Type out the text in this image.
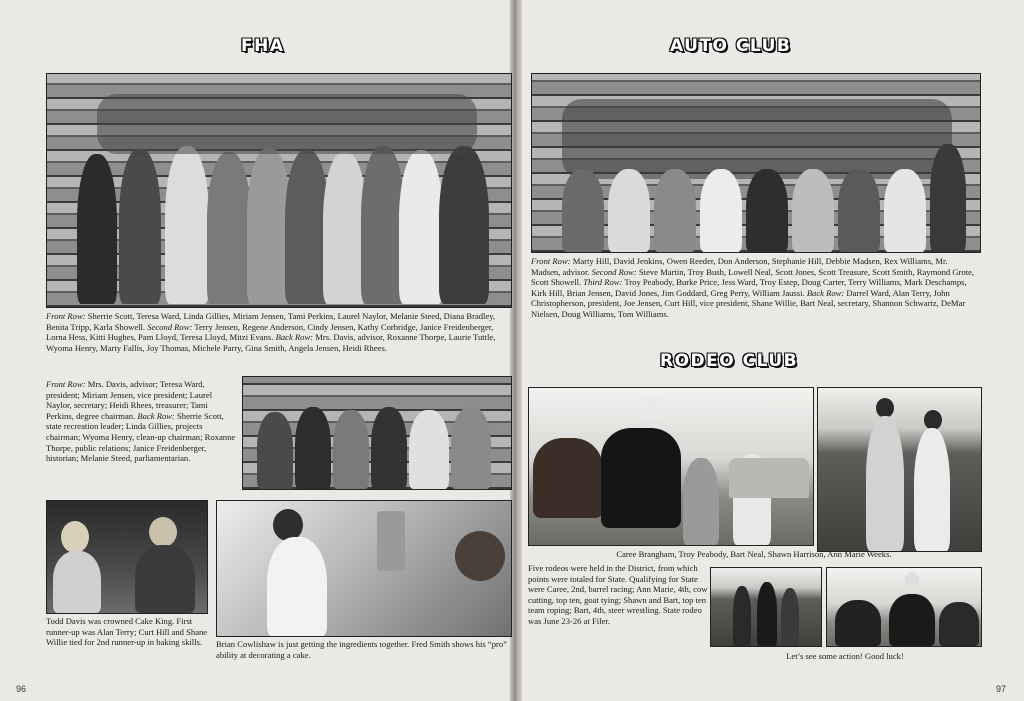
FHA

Front Row: Sherrie Scott, Teresa Ward, Linda Gillies, Miriam Jensen, Tami Perkins, Laurel Naylor, Melanie Steed, Diana Bradley, Benita Tripp, Karla Showell. Second Row: Terry Jensen, Regene Anderson, Cindy Jensen, Kathy Corbridge, Janice Freidenberger, Lorna Hess, Kitti Hughes, Pam Lloyd, Teresa Lloyd, Mitzi Evans. Back Row: Mrs. Davis, advisor, Roxanne Thorpe, Laurie Tuttle, Wyoma Henry, Marty Fallis, Joy Thomas, Michele Parry, Gina Smith, Angela Jensen, Heidi Rhees.

Front Row: Mrs. Davis, advisor; Teresa Ward, president; Miriam Jensen, vice president; Laurel Naylor, secretary; Heidi Rhees, treasurer; Tami Perkins, degree chairman. Back Row: Sherrie Scott, state recreation leader; Linda Gillies, projects chairman; Wyoma Henry, clean-up chairman; Roxanne Thorpe, public relations; Janice Freidenberger, historian; Melanie Steed, parliamentarian.

Todd Davis was crowned Cake King. First runner-up was Alan Terry; Curt Hill and Shane Willie tied for 2nd runner-up in baking skills.	Brian Cowlishaw is just getting the ingredients together. Fred Smith shows his “pro” ability at decorating a cake.

96
AUTO CLUB

Front Row: Marty Hill, David Jenkins, Owen Reeder, Don Anderson, Stephanie Hill, Debbie Madsen, Rex Williams, Mr. Madsen, advisor. Second Row: Steve Martin, Troy Bush, Lowell Neal, Scott Jones, Scott Treasure, Scott Smith, Raymond Grote, Scott Showell. Third Row: Troy Peabody, Burke Price, Jess Ward, Troy Estep, Doug Carter, Terry Williams, Mark Deschamps, Kirk Hill, Brian Jensen, David Jones, Jim Goddard, Greg Perry, William Jaussi. Back Row: Darrel Ward, Alan Terry, John Christopherson, president, Joe Jensen, Curt Hill, vice president, Shane Willie, Bart Neal, secretary, Shannon Schwartz, DeMar Nielsen, Doug Williams, Tom Williams.

RODEO CLUB

Caree Brangham, Troy Peabody, Bart Neal, Shawn Harrison, Ann Marie Weeks.

Five rodeos were held in the District, from which points were totaled for State. Qualifying for State were Caree, 2nd, barrel racing; Ann Marie, 4th, cow cutting, top ten, goat tying; Shawn and Bart, top ten team roping; Bart, 4th, steer wrestling. State rodeo was June 23-26 at Filer.

Let’s see some action! Good luck!

97
